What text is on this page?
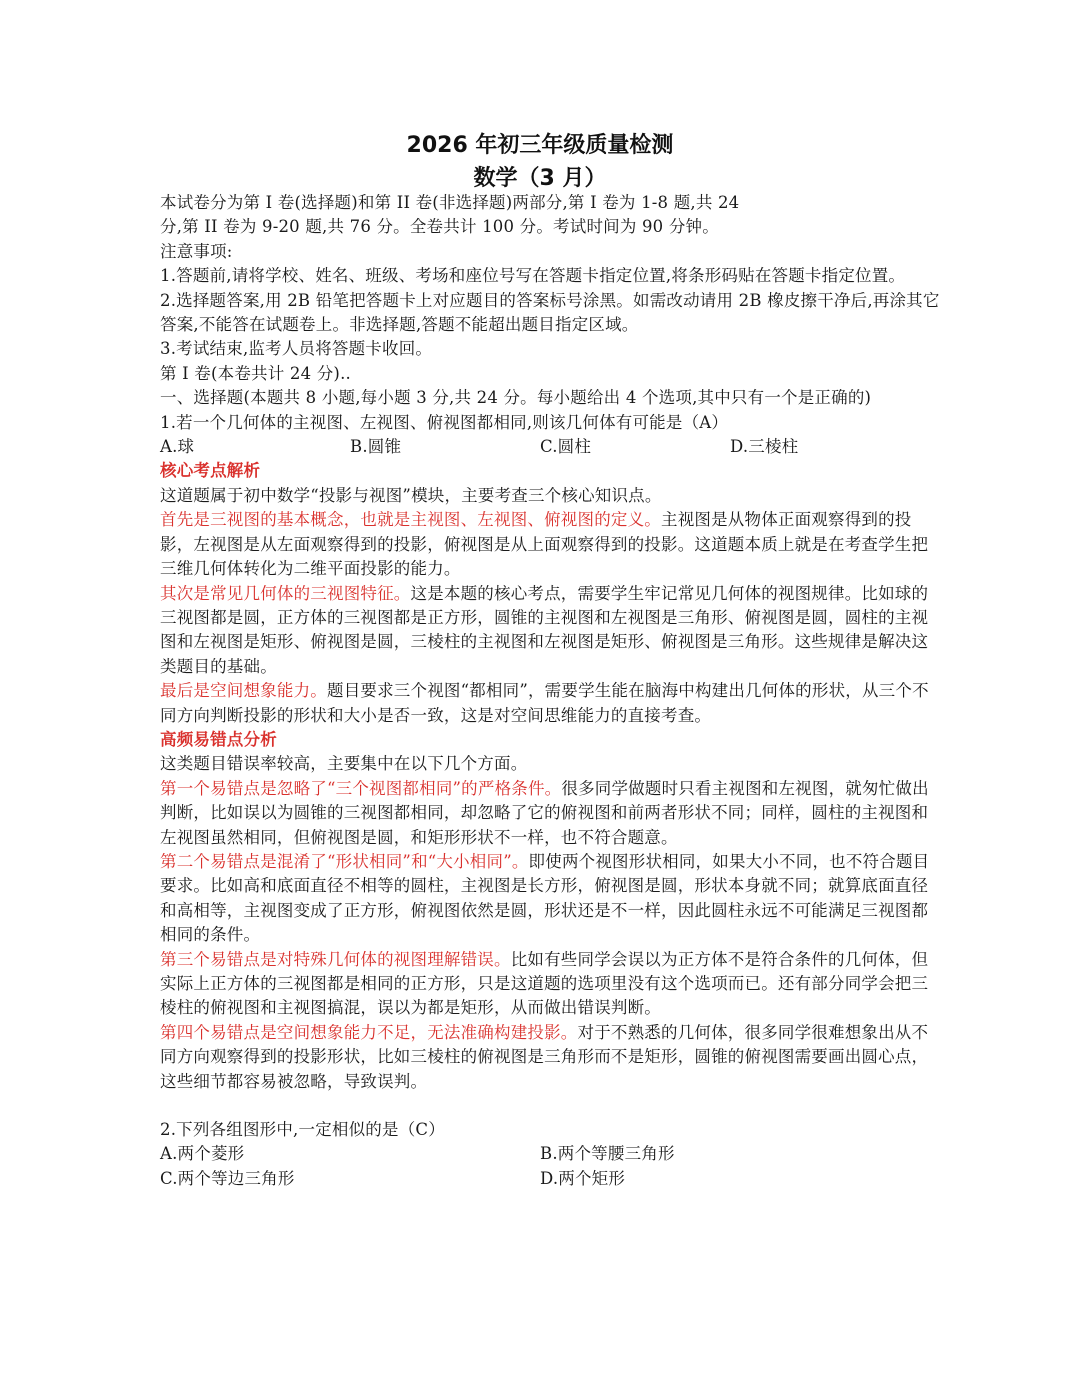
2026 年初三年级质量检测
数学（3 月）

本试卷分为第 I 卷(选择题)和第 II 卷(非选择题)两部分,第 I 卷为 1-8 题,共 24

分,第 II 卷为 9-20 题,共 76 分。全卷共计 100 分。考试时间为 90 分钟。

注意事项:

1.答题前,请将学校、姓名、班级、考场和座位号写在答题卡指定位置,将条形码贴在答题卡指定位置。

2.选择题答案,用 2B 铅笔把答题卡上对应题目的答案标号涂黑。如需改动请用 2B 橡皮擦干净后,再涂其它答案,不能答在试题卷上。非选择题,答题不能超出题目指定区域。

3.考试结束,监考人员将答题卡收回。

第 I 卷(本卷共计 24 分)..

一、选择题(本题共 8 小题,每小题 3 分,共 24 分。每小题给出 4 个选项,其中只有一个是正确的)

1.若一个几何体的主视图、左视图、俯视图都相同,则该几何体有可能是（A）

A.球	B.圆锥	C.圆柱	D.三棱柱

核心考点解析

这道题属于初中数学“投影与视图”模块，主要考查三个核心知识点。

首先是三视图的基本概念，也就是主视图、左视图、俯视图的定义。主视图是从物体正面观察得到的投影，左视图是从左面观察得到的投影，俯视图是从上面观察得到的投影。这道题本质上就是在考查学生把三维几何体转化为二维平面投影的能力。

其次是常见几何体的三视图特征。这是本题的核心考点，需要学生牢记常见几何体的视图规律。比如球的三视图都是圆，正方体的三视图都是正方形，圆锥的主视图和左视图是三角形、俯视图是圆，圆柱的主视图和左视图是矩形、俯视图是圆，三棱柱的主视图和左视图是矩形、俯视图是三角形。这些规律是解决这类题目的基础。

最后是空间想象能力。题目要求三个视图“都相同”，需要学生能在脑海中构建出几何体的形状，从三个不同方向判断投影的形状和大小是否一致，这是对空间思维能力的直接考查。

高频易错点分析

这类题目错误率较高，主要集中在以下几个方面。

第一个易错点是忽略了“三个视图都相同”的严格条件。很多同学做题时只看主视图和左视图，就匆忙做出判断，比如误以为圆锥的三视图都相同，却忽略了它的俯视图和前两者形状不同；同样，圆柱的主视图和左视图虽然相同，但俯视图是圆，和矩形形状不一样，也不符合题意。

第二个易错点是混淆了“形状相同”和“大小相同”。即使两个视图形状相同，如果大小不同，也不符合题目要求。比如高和底面直径不相等的圆柱，主视图是长方形，俯视图是圆，形状本身就不同；就算底面直径和高相等，主视图变成了正方形，俯视图依然是圆，形状还是不一样，因此圆柱永远不可能满足三视图都相同的条件。

第三个易错点是对特殊几何体的视图理解错误。比如有些同学会误以为正方体不是符合条件的几何体，但实际上正方体的三视图都是相同的正方形，只是这道题的选项里没有这个选项而已。还有部分同学会把三棱柱的俯视图和主视图搞混，误以为都是矩形，从而做出错误判断。

第四个易错点是空间想象能力不足，无法准确构建投影。对于不熟悉的几何体，很多同学很难想象出从不同方向观察得到的投影形状，比如三棱柱的俯视图是三角形而不是矩形，圆锥的俯视图需要画出圆心点，这些细节都容易被忽略，导致误判。

2.下列各组图形中,一定相似的是（C）

A.两个菱形	B.两个等腰三角形
C.两个等边三角形	D.两个矩形
